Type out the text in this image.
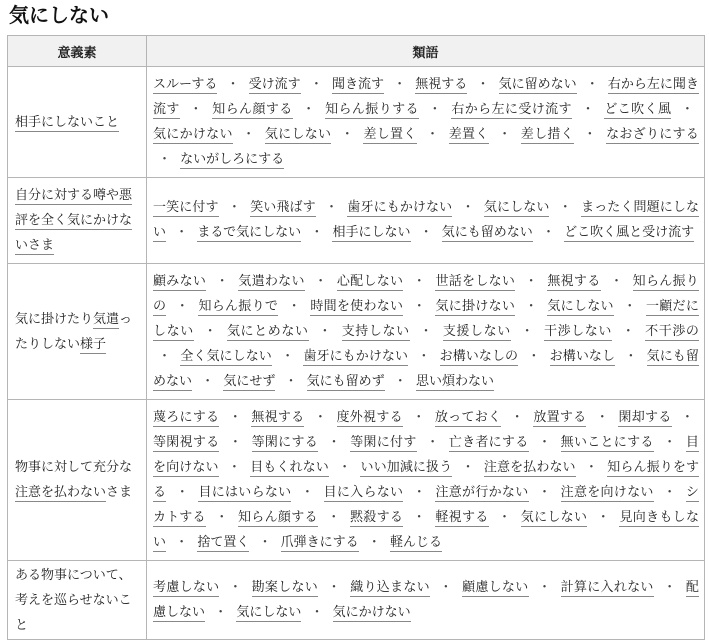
気にしない
意義素	類語
相手にしないこと	スルーする ・ 受け流す ・ 聞き流す ・ 無視する ・ 気に留めない ・ 右から左に聞き流す ・ 知らん顔する ・ 知らん振りする ・ 右から左に受け流す ・ どこ吹く風 ・ 気にかけない ・ 気にしない ・ 差し置く ・ 差置く ・ 差し措く ・ なおざりにする ・ ないがしろにする
自分に対する噂や悪評を全く気にかけないさま	一笑に付す ・ 笑い飛ばす ・ 歯牙にもかけない ・ 気にしない ・ まったく問題にしない ・ まるで気にしない ・ 相手にしない ・ 気にも留めない ・ どこ吹く風と受け流す
気に掛けたり気遣ったりしない様子	顧みない ・ 気遣わない ・ 心配しない ・ 世話をしない ・ 無視する ・ 知らん振りの ・ 知らん振りで ・ 時間を使わない ・ 気に掛けない ・ 気にしない ・ 一顧だにしない ・ 気にとめない ・ 支持しない ・ 支援しない ・ 干渉しない ・ 不干渉の ・ 全く気にしない ・ 歯牙にもかけない ・ お構いなしの ・ お構いなし ・ 気にも留めない ・ 気にせず ・ 気にも留めず ・ 思い煩わない
物事に対して充分な注意を払わないさま	蔑ろにする ・ 無視する ・ 度外視する ・ 放っておく ・ 放置する ・ 閑却する ・ 等閑視する ・ 等閑にする ・ 等閑に付す ・ 亡き者にする ・ 無いことにする ・ 目を向けない ・ 目もくれない ・ いい加減に扱う ・ 注意を払わない ・ 知らん振りをする ・ 目にはいらない ・ 目に入らない ・ 注意が行かない ・ 注意を向けない ・ シカトする ・ 知らん顔する ・ 黙殺する ・ 軽視する ・ 気にしない ・ 見向きもしない ・ 捨て置く ・ 爪弾きにする ・ 軽んじる
ある物事について、考えを巡らせないこと	考慮しない ・ 勘案しない ・ 織り込まない ・ 顧慮しない ・ 計算に入れない ・ 配慮しない ・ 気にしない ・ 気にかけない
